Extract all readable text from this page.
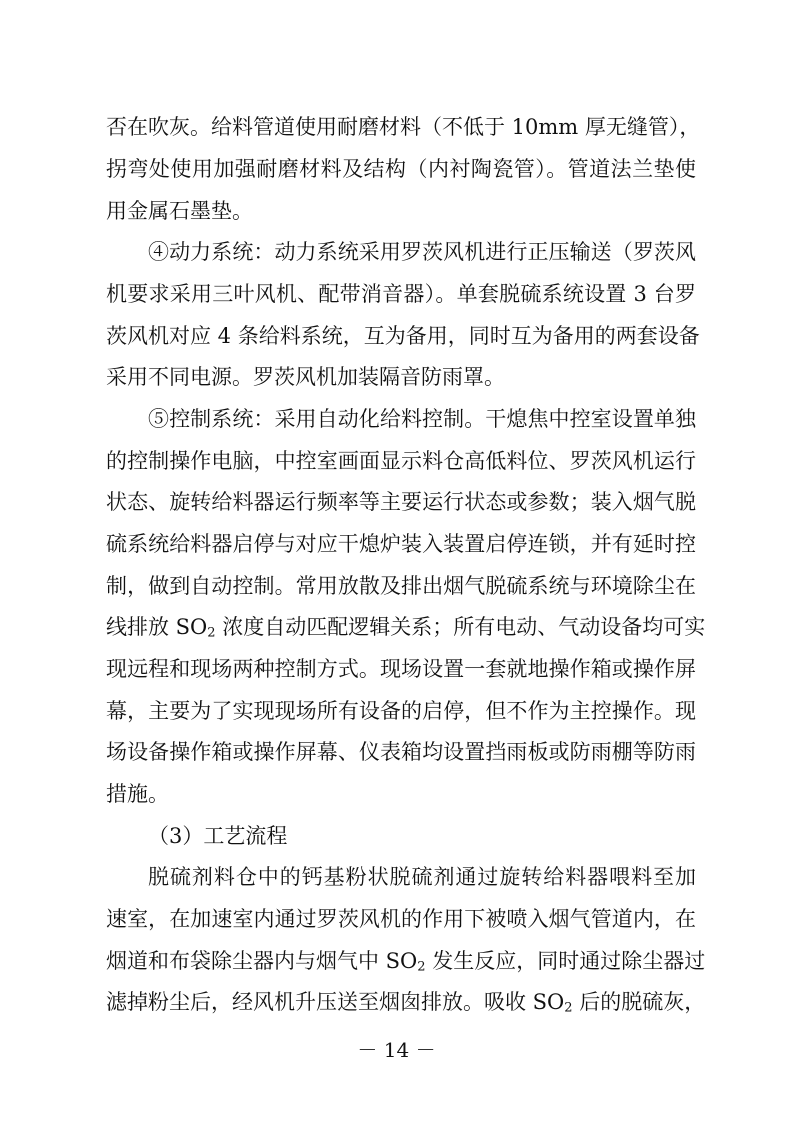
否在吹灰。给料管道使用耐磨材料（不低于 10mm 厚无缝管），
拐弯处使用加强耐磨材料及结构（内衬陶瓷管）。管道法兰垫使
用金属石墨垫。
④动力系统：动力系统采用罗茨风机进行正压输送（罗茨风
机要求采用三叶风机、配带消音器）。单套脱硫系统设置 3 台罗
茨风机对应 4 条给料系统，互为备用，同时互为备用的两套设备
采用不同电源。罗茨风机加装隔音防雨罩。
⑤控制系统：采用自动化给料控制。干熄焦中控室设置单独
的控制操作电脑，中控室画面显示料仓高低料位、罗茨风机运行
状态、旋转给料器运行频率等主要运行状态或参数；装入烟气脱
硫系统给料器启停与对应干熄炉装入装置启停连锁，并有延时控
制，做到自动控制。常用放散及排出烟气脱硫系统与环境除尘在
线排放 $SO_2$ 浓度自动匹配逻辑关系；所有电动、气动设备均可实
现远程和现场两种控制方式。现场设置一套就地操作箱或操作屏
幕，主要为了实现现场所有设备的启停，但不作为主控操作。现
场设备操作箱或操作屏幕、仪表箱均设置挡雨板或防雨棚等防雨
措施。
（3）工艺流程
脱硫剂料仓中的钙基粉状脱硫剂通过旋转给料器喂料至加
速室，在加速室内通过罗茨风机的作用下被喷入烟气管道内，在
烟道和布袋除尘器内与烟气中 $SO_2$ 发生反应，同时通过除尘器过
滤掉粉尘后，经风机升压送至烟囱排放。吸收 $SO_2$ 后的脱硫灰，
－ 14 －
